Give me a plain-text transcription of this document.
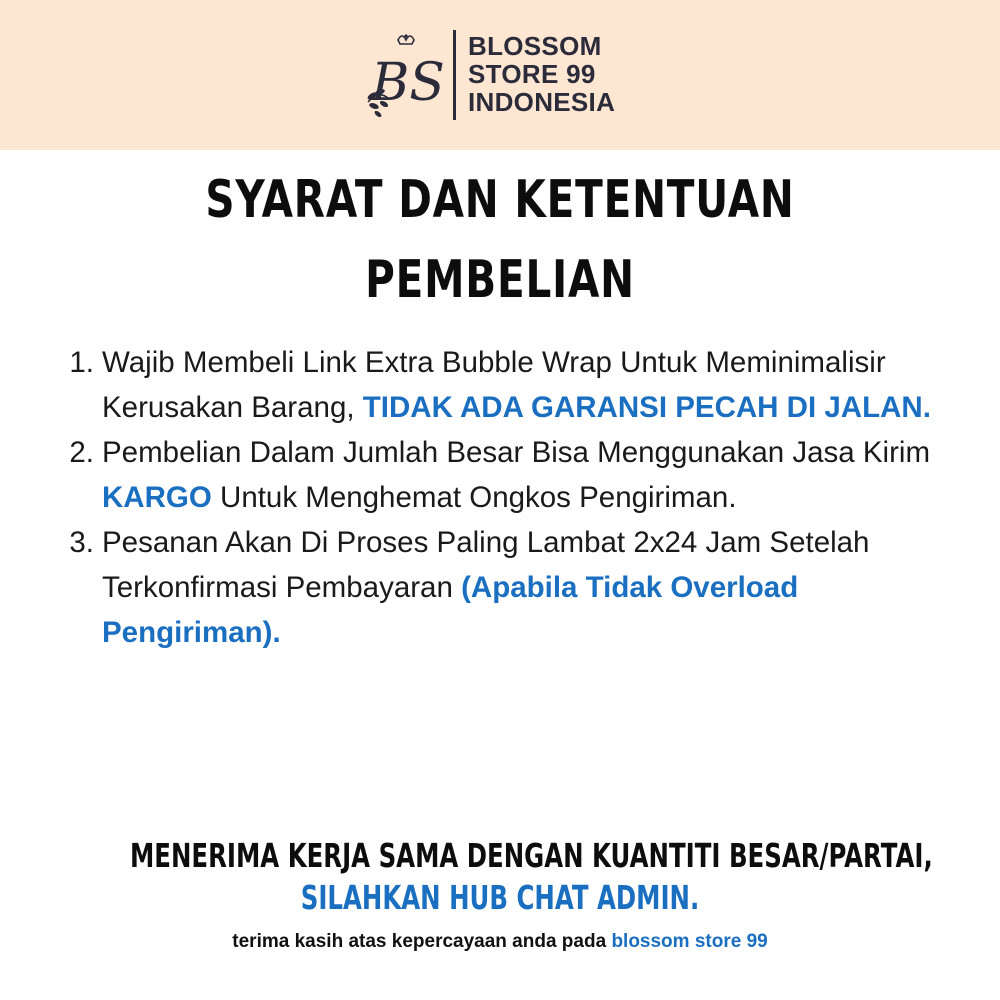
BS
BLOSSOM
STORE 99
INDONESIA
SYARAT DAN KETENTUAN PEMBELIAN
1. Wajib Membeli Link Extra Bubble Wrap Untuk Meminimalisir Kerusakan Barang, TIDAK ADA GARANSI PECAH DI JALAN.
2. Pembelian Dalam Jumlah Besar Bisa Menggunakan Jasa Kirim KARGO Untuk Menghemat Ongkos Pengiriman.
3. Pesanan Akan Di Proses Paling Lambat 2x24 Jam Setelah Terkonfirmasi Pembayaran (Apabila Tidak Overload Pengiriman).
MENERIMA KERJA SAMA DENGAN KUANTITI BESAR/PARTAI,
SILAHKAN HUB CHAT ADMIN.
terima kasih atas kepercayaan anda pada blossom store 99
